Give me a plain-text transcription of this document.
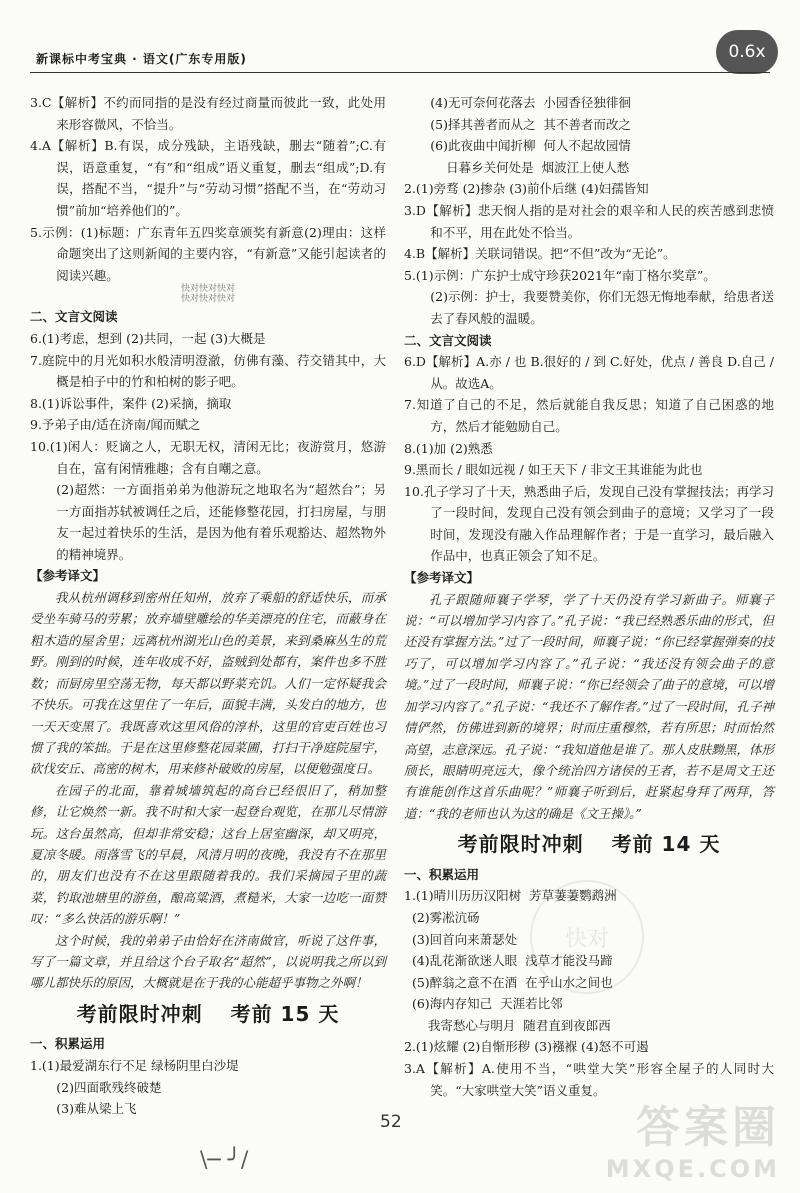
0.6x
新课标中考宝典 · 语文(广东专用版)

3.C【解析】不约而同指的是没有经过商量而彼此一致，此处用来形容微风，不恰当。

4.A【解析】B.有误，成分残缺，主语残缺，删去“随着”;C.有误，语意重复，“有”和“组成”语义重复，删去“组成”;D.有误，搭配不当，“提升”与“劳动习惯”搭配不当，在“劳动习惯”前加“培养他们的”。

5.示例：(1)标题：广东青年五四奖章颁奖有新意(2)理由：这样命题突出了这则新闻的主要内容，“有新意”又能引起读者的阅读兴趣。

快对快对快对
快对快对快对

二、文言文阅读

6.(1)考虑，想到 (2)共同，一起 (3)大概是

7.庭院中的月光如积水般清明澄澈，仿佛有藻、荇交错其中，大概是柏子中的竹和柏树的影子吧。

8.(1)诉讼事件，案件 (2)采摘，摘取

9.予弟子由/适在济南/闻而赋之

10.(1)闲人：贬谪之人，无职无权，清闲无比；夜游赏月，悠游自在，富有闲情雅趣；含有自嘲之意。

(2)超然：一方面指弟弟为他游玩之地取名为“超然台”；另一方面指苏轼被调任之后，还能修整花园，打扫房屋，与朋友一起过着快乐的生活，是因为他有着乐观豁达、超然物外的精神境界。

【参考译文】

我从杭州调移到密州任知州，放弃了乘船的舒适快乐，而承受坐车骑马的劳累；放弃墙壁雕绘的华美漂亮的住宅，而蔽身在粗木造的屋舍里；远离杭州湖光山色的美景，来到桑麻丛生的荒野。刚到的时候，连年收成不好，盗贼到处都有，案件也多不胜数；而厨房里空荡无物，每天都以野菜充饥。人们一定怀疑我会不快乐。可我在这里住了一年后，面貌丰满，头发白的地方，也一天天变黑了。我既喜欢这里风俗的淳朴，这里的官吏百姓也习惯了我的笨拙。于是在这里修整花园菜圃，打扫干净庭院屋宇，砍伐安丘、高密的树木，用来修补破败的房屋，以便勉强度日。

在园子的北面，靠着城墙筑起的高台已经很旧了，稍加整修，让它焕然一新。我不时和大家一起登台观览，在那儿尽情游玩。这台虽然高，但却非常安稳；这台上居室幽深，却又明亮，夏凉冬暖。雨落雪飞的早晨，风清月明的夜晚，我没有不在那里的，朋友们也没有不在这里跟随着我的。我们采摘园子里的蔬菜，钓取池塘里的游鱼，酿高粱酒，煮糙米，大家一边吃一面赞叹：“多么快活的游乐啊！”

这个时候，我的弟弟子由恰好在济南做官，听说了这件事，写了一篇文章，并且给这个台子取名“超然”，以说明我之所以到哪儿都快乐的原因，大概就是在于我的心能超乎事物之外啊！

考前限时冲刺 考前 15 天

一、积累运用

1.(1)最爱湖东行不足 绿杨阴里白沙堤

(2)四面歌残终破楚

(3)难从梁上飞

(4)无可奈何花落去  小园香径独徘徊

(5)择其善者而从之  其不善者而改之

(6)此夜曲中闻折柳  何人不起故园情

日暮乡关何处是  烟波江上使人愁

2.(1)旁骛 (2)掺杂 (3)前仆后继 (4)妇孺皆知

3.D【解析】悲天悯人指的是对社会的艰辛和人民的疾苦感到悲愤和不平，用在此处不恰当。

4.B【解析】关联词错误。把“不但”改为“无论”。

5.(1)示例：广东护士成守珍获2021年“南丁格尔奖章”。

(2)示例：护士，我要赞美你，你们无怨无悔地奉献，给患者送去了春风般的温暖。

二、文言文阅读

6.D【解析】A.亦 / 也 B.很好的 / 到 C.好处，优点 / 善良 D.自己 / 从。故选A。

7.知道了自己的不足，然后就能自我反思；知道了自己困惑的地方，然后才能勉励自己。

8.(1)加 (2)熟悉

9.黑而长 / 眼如远视 / 如王天下 / 非文王其谁能为此也

10.孔子学习了十天，熟悉曲子后，发现自己没有掌握技法；再学习了一段时间，发现自己没有领会到曲子的意境；又学习了一段时间，发现没有融入作品理解作者；于是一直学习，最后融入作品中，也真正领会了知不足。

【参考译文】

孔子跟随师襄子学琴，学了十天仍没有学习新曲子。师襄子说：“可以增加学习内容了。”孔子说：“我已经熟悉乐曲的形式，但还没有掌握方法。”过了一段时间，师襄子说：“你已经掌握弹奏的技巧了，可以增加学习内容了。”孔子说：“我还没有领会曲子的意境。”过了一段时间，师襄子说：“你已经领会了曲子的意境，可以增加学习内容了。”孔子说：“我还不了解作者。”过了一段时间，孔子神情俨然，仿佛进到新的境界；时而庄重穆然，若有所思；时而怡然高望，志意深远。孔子说：“我知道他是谁了。那人皮肤黝黑，体形颀长，眼睛明亮远大，像个统治四方诸侯的王者，若不是周文王还有谁能创作这首乐曲呢？”师襄子听到后，赶紧起身拜了两拜，答道：“我的老师也认为这的确是《文王操》。”

考前限时冲刺 考前 14 天

一、积累运用

1.(1)晴川历历汉阳树  芳草萋萋鹦鹉洲

(2)雾凇沆砀

(3)回首向来萧瑟处

(4)乱花渐欲迷人眼  浅草才能没马蹄

(5)醉翁之意不在酒  在乎山水之间也

(6)海内存知己  天涯若比邻

我寄愁心与明月  随君直到夜郎西

2.(1)炫耀 (2)自惭形秽 (3)襁褓 (4)怒不可遏

3.A【解析】A.使用不当，“哄堂大笑”形容全屋子的人同时大笑。“大家哄堂大笑”语义重复。

快对
52
\─ ╯/
答案圈
MXQE.COM
